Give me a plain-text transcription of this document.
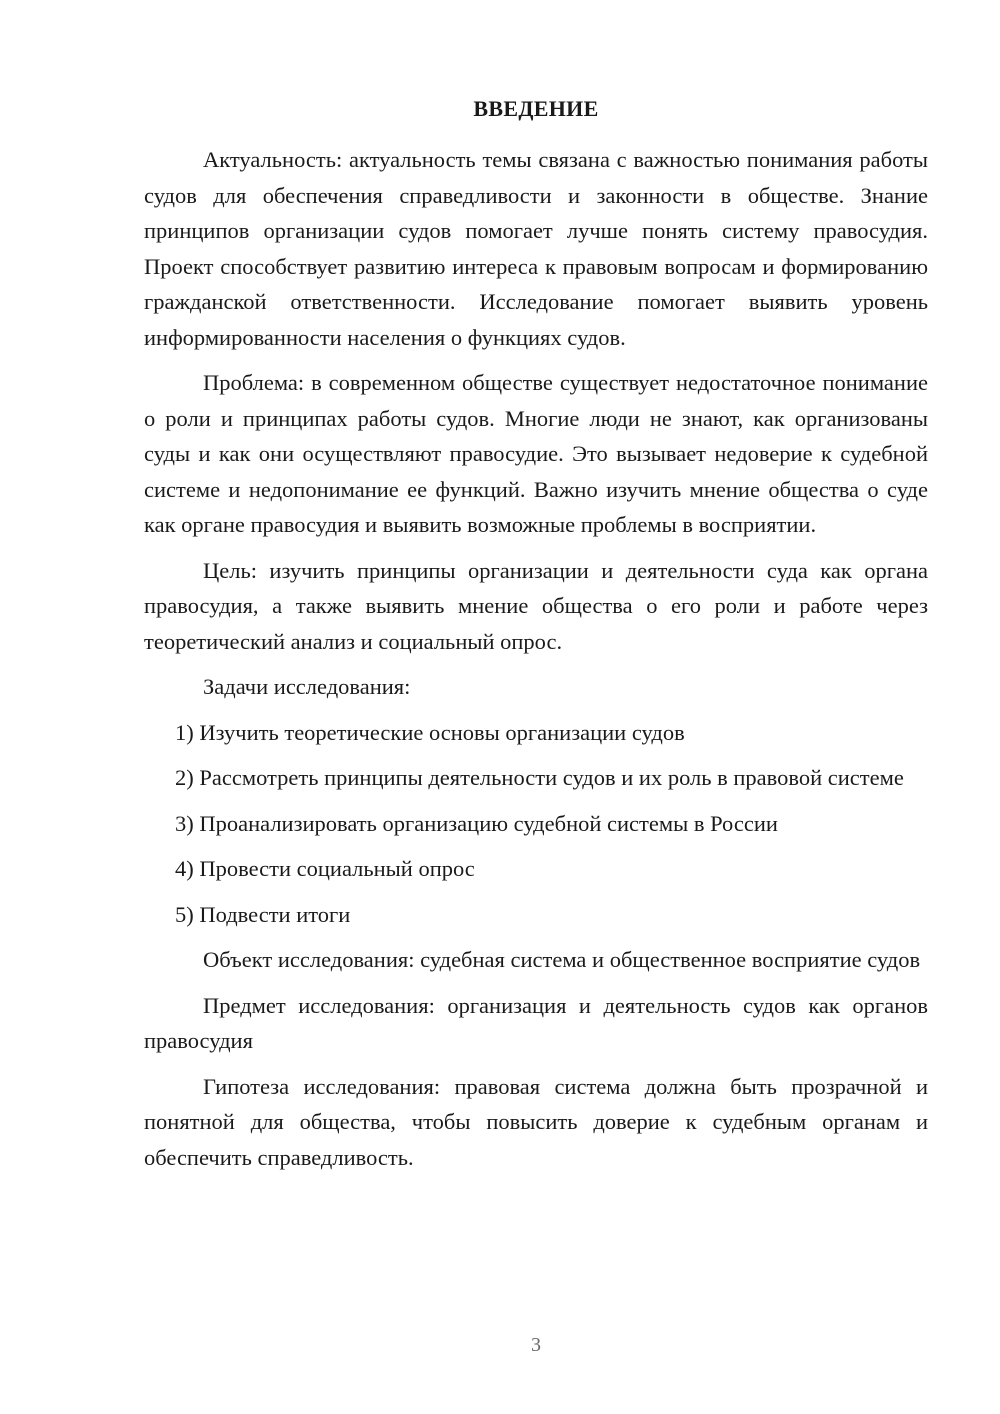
ВВЕДЕНИЕ

Актуальность: актуальность темы связана с важностью понимания работы судов для обеспечения справедливости и законности в обществе. Знание принципов организации судов помогает лучше понять систему правосудия. Проект способствует развитию интереса к правовым вопросам и формированию гражданской ответственности. Исследование помогает выявить уровень информированности населения о функциях судов.

Проблема: в современном обществе существует недостаточное понимание о роли и принципах работы судов. Многие люди не знают, как организованы суды и как они осуществляют правосудие. Это вызывает недоверие к судебной системе и недопонимание ее функций. Важно изучить мнение общества о суде как органе правосудия и выявить возможные проблемы в восприятии.

Цель: изучить принципы организации и деятельности суда как органа правосудия, а также выявить мнение общества о его роли и работе через теоретический анализ и социальный опрос.

Задачи исследования:

1) Изучить теоретические основы организации судов

2) Рассмотреть принципы деятельности судов и их роль в правовой системе

3) Проанализировать организацию судебной системы в России

4) Провести социальный опрос

5) Подвести итоги

Объект исследования: судебная система и общественное восприятие судов

Предмет исследования: организация и деятельность судов как органов правосудия

Гипотеза исследования: правовая система должна быть прозрачной и понятной для общества, чтобы повысить доверие к судебным органам и обеспечить справедливость.

3
